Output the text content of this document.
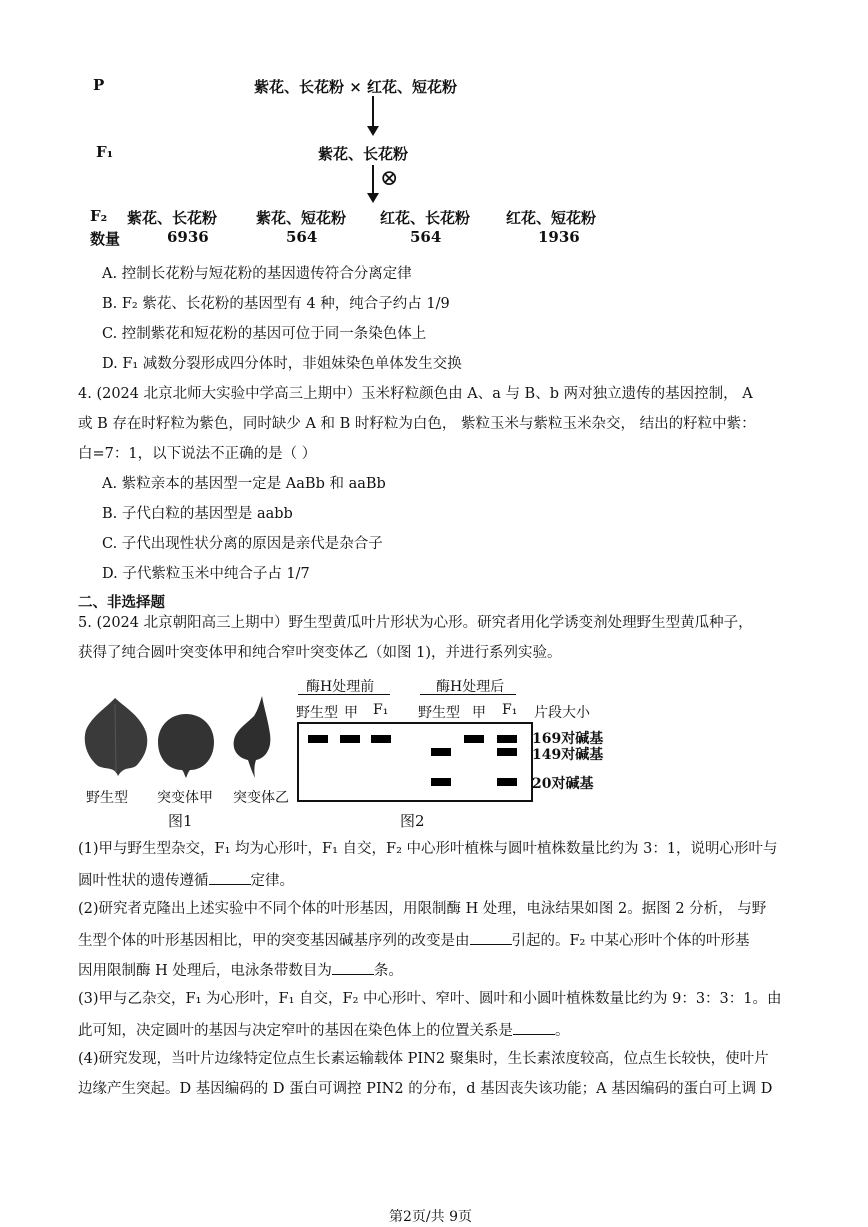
P	紫花、长花粉 × 红花、短花粉
F₁	紫花、长花粉
⊗
F₂ 紫花、长花粉	紫花、短花粉 红花、长花粉 红花、短花粉
数量	6936	564	564	1936
A. 控制长花粉与短花粉的基因遗传符合分离定律
B. F₂ 紫花、长花粉的基因型有 4 种，纯合子约占 1/9
C. 控制紫花和短花粉的基因可位于同一条染色体上
D. F₁ 减数分裂形成四分体时，非姐妹染色单体发生交换
4. (2024 北京北师大实验中学高三上期中）玉米籽粒颜色由 A、a 与 B、b 两对独立遗传的基因控制， A
或 B 存在时籽粒为紫色，同时缺少 A 和 B 时籽粒为白色， 紫粒玉米与紫粒玉米杂交， 结出的籽粒中紫：
白=7：1，以下说法不正确的是（ ）
A. 紫粒亲本的基因型一定是 AaBb 和 aaBb
B. 子代白粒的基因型是 aabb
C. 子代出现性状分离的原因是亲代是杂合子
D. 子代紫粒玉米中纯合子占 1/7
二、非选择题
5. (2024 北京朝阳高三上期中）野生型黄瓜叶片形状为心形。研究者用化学诱变剂处理野生型黄瓜种子，
获得了纯合圆叶突变体甲和纯合窄叶突变体乙（如图 1)，并进行系列实验。
野生型 突变体甲 突变体乙
图1
酶H处理前	酶H处理后
野生型 甲 F₁ 野生型 甲 F₁ 片段大小
169对碱基
149对碱基
20对碱基
图2
(1)甲与野生型杂交，F₁ 均为心形叶，F₁ 自交，F₂ 中心形叶植株与圆叶植株数量比约为 3：1，说明心形叶与
圆叶性状的遗传遵循	定律。
(2)研究者克隆出上述实验中不同个体的叶形基因，用限制酶 H 处理，电泳结果如图 2。据图 2 分析， 与野
生型个体的叶形基因相比，甲的突变基因碱基序列的改变是由	引起的。F₂ 中某心形叶个体的叶形基
因用限制酶 H 处理后，电泳条带数目为	条。
(3)甲与乙杂交，F₁ 为心形叶，F₁ 自交，F₂ 中心形叶、窄叶、圆叶和小圆叶植株数量比约为 9：3：3：1。由
此可知，决定圆叶的基因与决定窄叶的基因在染色体上的位置关系是	。
(4)研究发现，当叶片边缘特定位点生长素运输载体 PIN2 聚集时，生长素浓度较高，位点生长较快，使叶片
边缘产生突起。D 基因编码的 D 蛋白可调控 PIN2 的分布，d 基因丧失该功能；A 基因编码的蛋白可上调 D
第2页/共 9页
